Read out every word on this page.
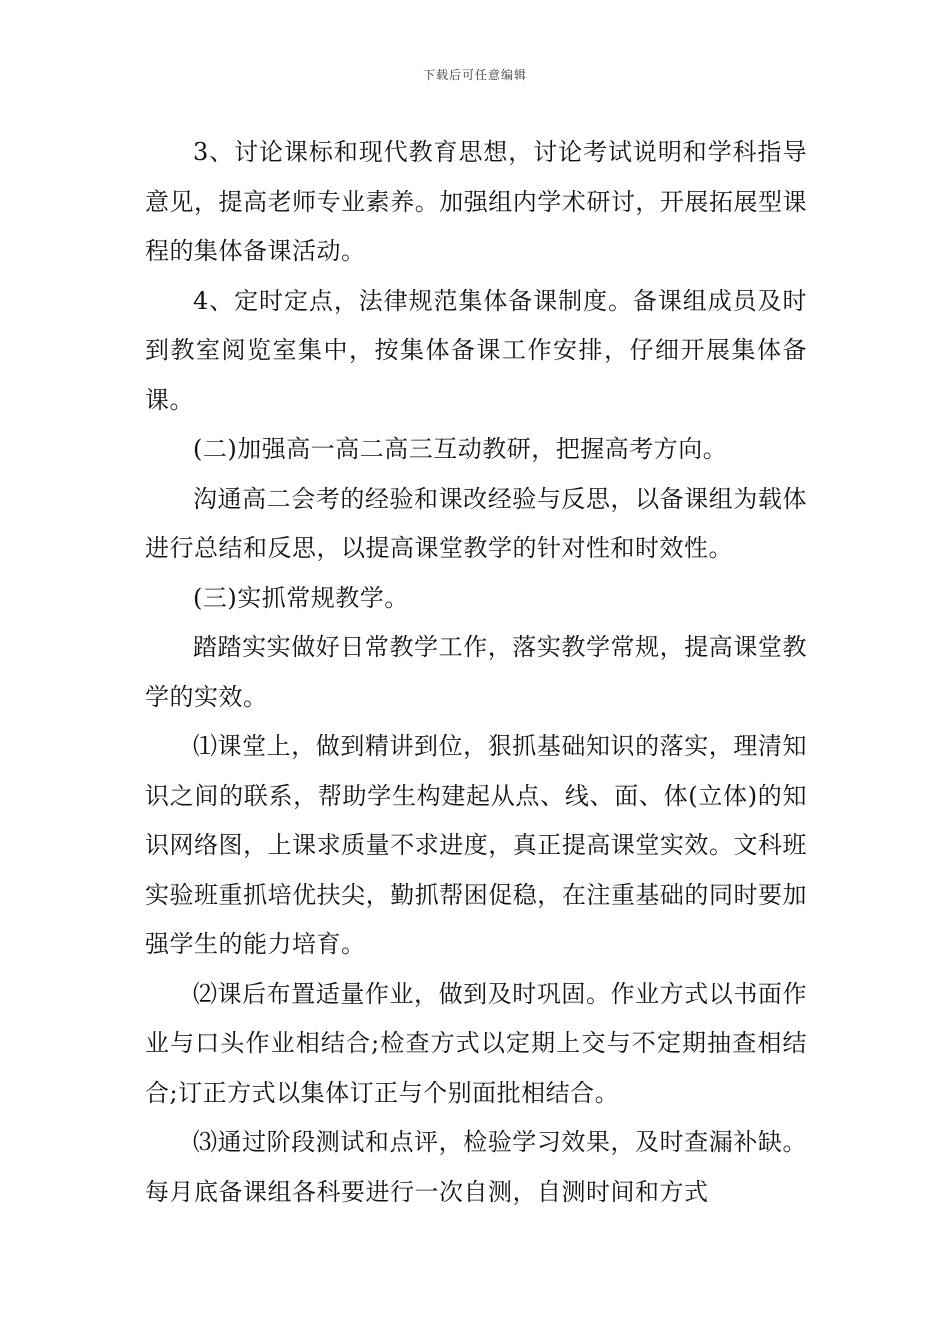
下载后可任意编辑

3、讨论课标和现代教育思想，讨论考试说明和学科指导意见，提高老师专业素养。加强组内学术研讨，开展拓展型课程的集体备课活动。

4、定时定点，法律规范集体备课制度。备课组成员及时到教室阅览室集中，按集体备课工作安排，仔细开展集体备课。

(二)加强高一高二高三互动教研，把握高考方向。

沟通高二会考的经验和课改经验与反思，以备课组为载体进行总结和反思，以提高课堂教学的针对性和时效性。

(三)实抓常规教学。

踏踏实实做好日常教学工作，落实教学常规，提高课堂教学的实效。

⑴课堂上，做到精讲到位，狠抓基础知识的落实，理清知识之间的联系，帮助学生构建起从点、线、面、体(立体)的知识网络图，上课求质量不求进度，真正提高课堂实效。文科班实验班重抓培优扶尖，勤抓帮困促稳，在注重基础的同时要加强学生的能力培育。

⑵课后布置适量作业，做到及时巩固。作业方式以书面作业与口头作业相结合;检查方式以定期上交与不定期抽查相结合;订正方式以集体订正与个别面批相结合。

⑶通过阶段测试和点评，检验学习效果，及时查漏补缺。每月底备课组各科要进行一次自测，自测时间和方式
